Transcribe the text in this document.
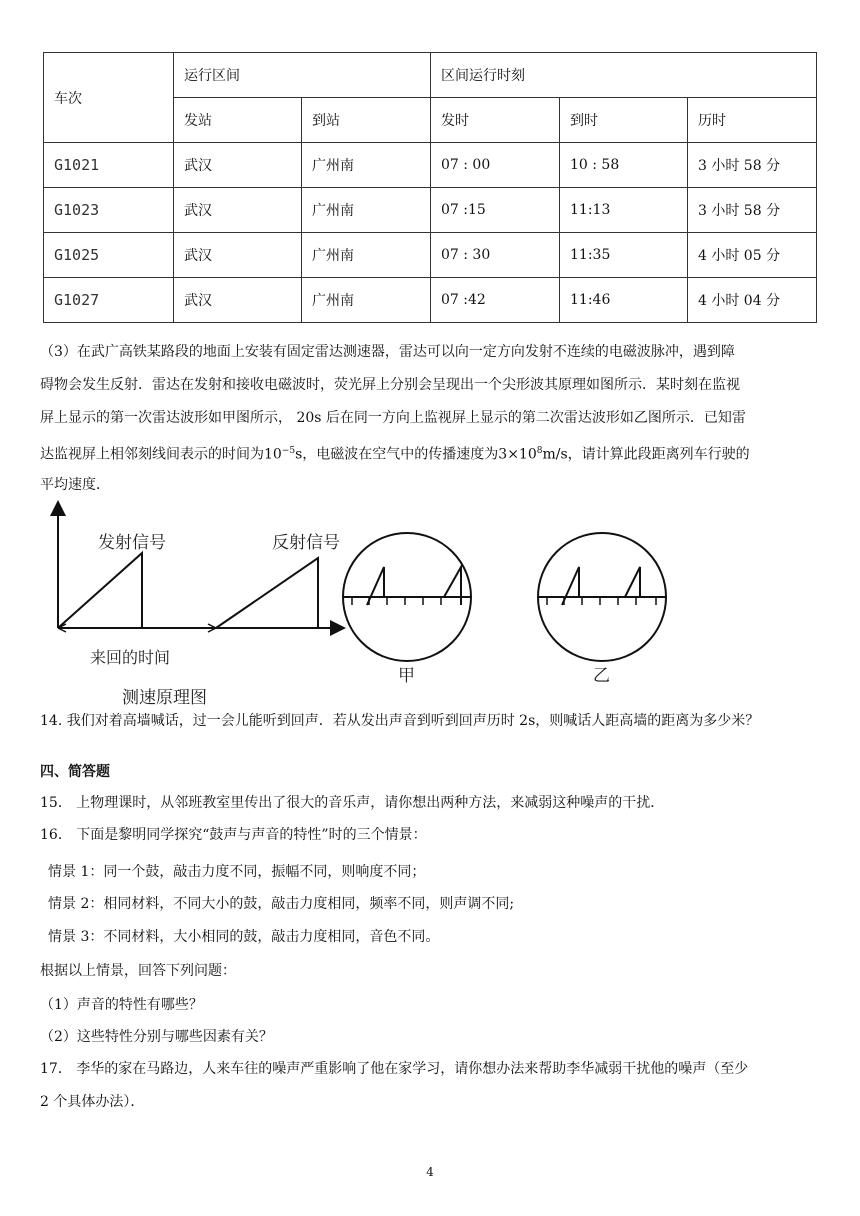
车次	运行区间		区间运行时刻		
	发站	到站	发时	到时	历时
G1021	武汉	广州南	07 : 00	10 : 58	3 小时 58 分
G1023	武汉	广州南	07 :15	11:13	3 小时 58 分
G1025	武汉	广州南	07 : 30	11:35	4 小时 05 分
G1027	武汉	广州南	07 :42	11:46	4 小时 04 分
（3）在武广高铁某路段的地面上安装有固定雷达测速器，雷达可以向一定方向发射不连续的电磁波脉冲，遇到障
碍物会发生反射．雷达在发射和接收电磁波时，荧光屏上分别会呈现出一个尖形波其原理如图所示．某时刻在监视
屏上显示的第一次雷达波形如甲图所示， 20s 后在同一方向上监视屏上显示的第二次雷达波形如乙图所示．已知雷
达监视屏上相邻刻线间表示的时间为$10^{-5}s$，电磁波在空气中的传播速度为$3\times 10^8m/s$，请计算此段距离列车行驶的
平均速度．
发射信号	反射信号
来回的时间
测速原理图
甲	乙
14. 我们对着高墙喊话，过一会儿能听到回声．若从发出声音到听到回声历时 2s，则喊话人距高墙的距离为多少米？
四、简答题
15． 上物理课时，从邻班教室里传出了很大的音乐声，请你想出两种方法，来减弱这种噪声的干扰．
16． 下面是黎明同学探究“鼓声与声音的特性”时的三个情景：
情景 1：同一个鼓，敲击力度不同，振幅不同，则响度不同；
情景 2：相同材料，不同大小的鼓，敲击力度相同，频率不同，则声调不同;
情景 3：不同材料，大小相同的鼓，敲击力度相同，音色不同。
根据以上情景，回答下列问题：
（1）声音的特性有哪些？
（2）这些特性分别与哪些因素有关？
17． 李华的家在马路边，人来车往的噪声严重影响了他在家学习，请你想办法来帮助李华减弱干扰他的噪声（至少
2 个具体办法）．
4
